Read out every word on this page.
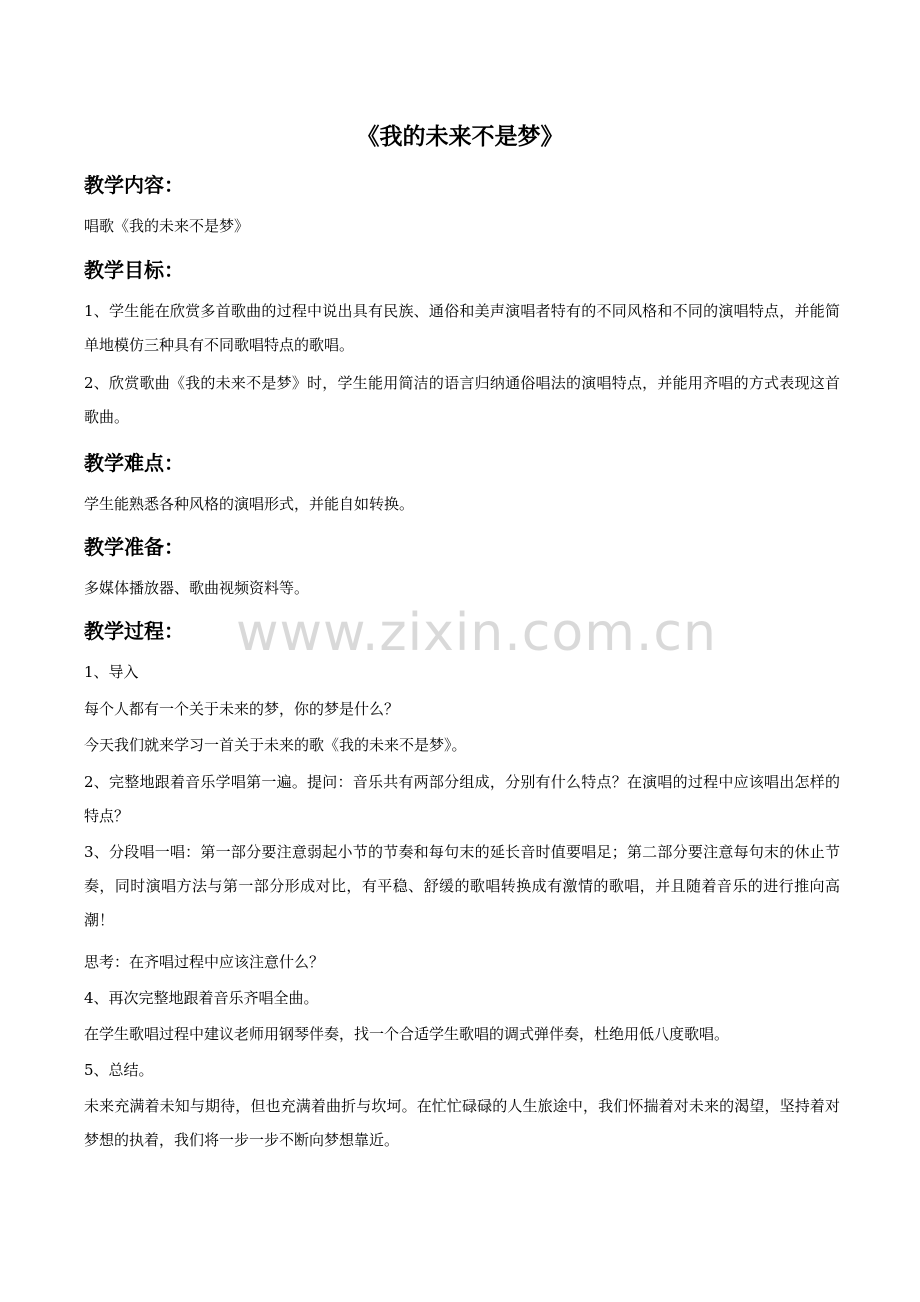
《我的未来不是梦》
教学内容：
唱歌《我的未来不是梦》
教学目标：
1、学生能在欣赏多首歌曲的过程中说出具有民族、通俗和美声演唱者特有的不同风格和不同的演唱特点，并能简单地模仿三种具有不同歌唱特点的歌唱。
2、欣赏歌曲《我的未来不是梦》时，学生能用简洁的语言归纳通俗唱法的演唱特点，并能用齐唱的方式表现这首歌曲。
教学难点：
学生能熟悉各种风格的演唱形式，并能自如转换。
教学准备：
多媒体播放器、歌曲视频资料等。
教学过程：
1、导入
每个人都有一个关于未来的梦，你的梦是什么？
今天我们就来学习一首关于未来的歌《我的未来不是梦》。
2、完整地跟着音乐学唱第一遍。提问：音乐共有两部分组成，分别有什么特点？在演唱的过程中应该唱出怎样的特点？
3、分段唱一唱：第一部分要注意弱起小节的节奏和每句末的延长音时值要唱足；第二部分要注意每句末的休止节奏，同时演唱方法与第一部分形成对比，有平稳、舒缓的歌唱转换成有激情的歌唱，并且随着音乐的进行推向高潮！
思考：在齐唱过程中应该注意什么？
4、再次完整地跟着音乐齐唱全曲。
在学生歌唱过程中建议老师用钢琴伴奏，找一个合适学生歌唱的调式弹伴奏，杜绝用低八度歌唱。
5、总结。
未来充满着未知与期待，但也充满着曲折与坎坷。在忙忙碌碌的人生旅途中，我们怀揣着对未来的渴望，坚持着对梦想的执着，我们将一步一步不断向梦想靠近。
www.zixin.com.cn
